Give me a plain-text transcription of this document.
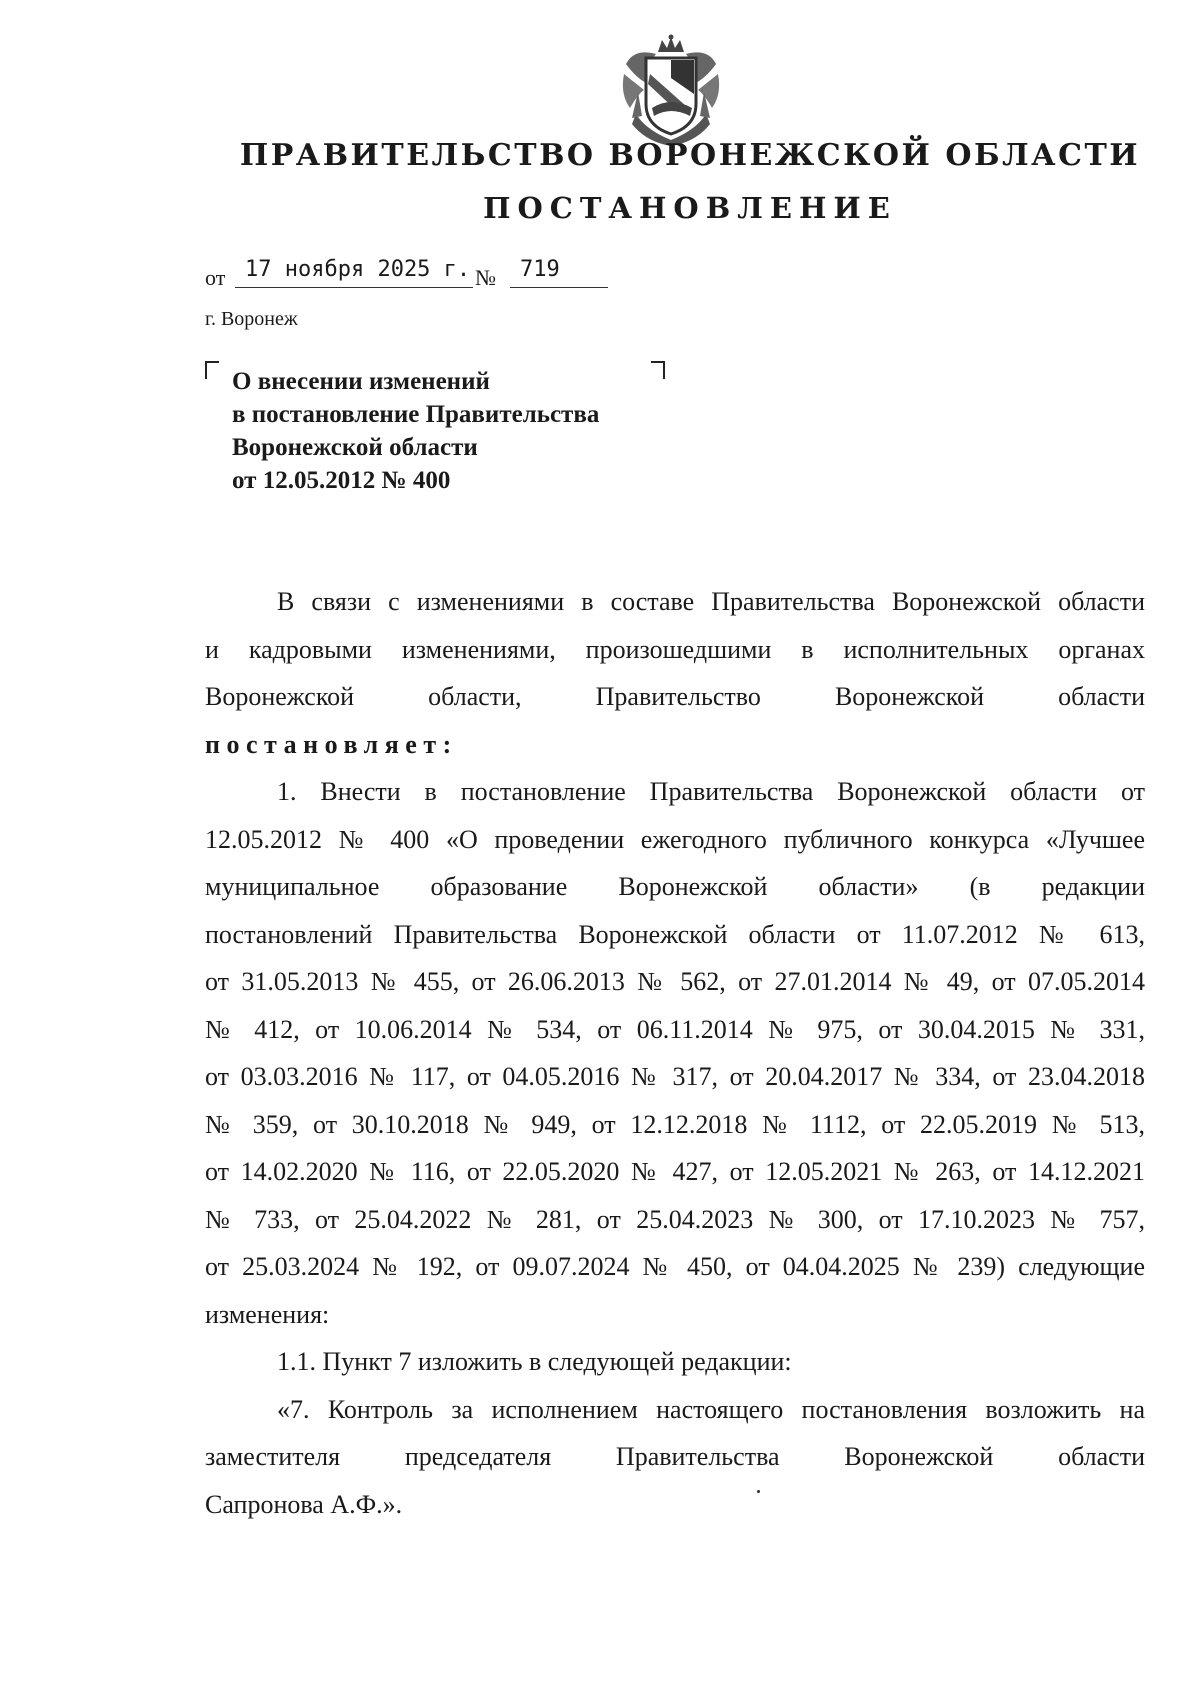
ПРАВИТЕЛЬСТВО ВОРОНЕЖСКОЙ ОБЛАСТИ
ПОСТАНОВЛЕНИЕ
от 17 ноября 2025 г. № 719
г. Воронеж
О внесении изменений
в постановление Правительства
Воронежской области
от 12.05.2012 № 400
В связи с изменениями в составе Правительства Воронежской области
и кадровыми изменениями, произошедшими в исполнительных органах
Воронежской области, Правительство Воронежской области
постановляет:
1. Внести в постановление Правительства Воронежской области от
12.05.2012 № 400 «О проведении ежегодного публичного конкурса «Лучшее
муниципальное образование Воронежской области» (в редакции
постановлений Правительства Воронежской области от 11.07.2012 № 613,
от 31.05.2013 № 455, от 26.06.2013 № 562, от 27.01.2014 № 49, от 07.05.2014
№ 412, от 10.06.2014 № 534, от 06.11.2014 № 975, от 30.04.2015 № 331,
от 03.03.2016 № 117, от 04.05.2016 № 317, от 20.04.2017 № 334, от 23.04.2018
№ 359, от 30.10.2018 № 949, от 12.12.2018 № 1112, от 22.05.2019 № 513,
от 14.02.2020 № 116, от 22.05.2020 № 427, от 12.05.2021 № 263, от 14.12.2021
№ 733, от 25.04.2022 № 281, от 25.04.2023 № 300, от 17.10.2023 № 757,
от 25.03.2024 № 192, от 09.07.2024 № 450, от 04.04.2025 № 239) следующие
изменения:
1.1. Пункт 7 изложить в следующей редакции:
«7. Контроль за исполнением настоящего постановления возложить на
заместителя председателя Правительства Воронежской области
Сапронова А.Ф.».
